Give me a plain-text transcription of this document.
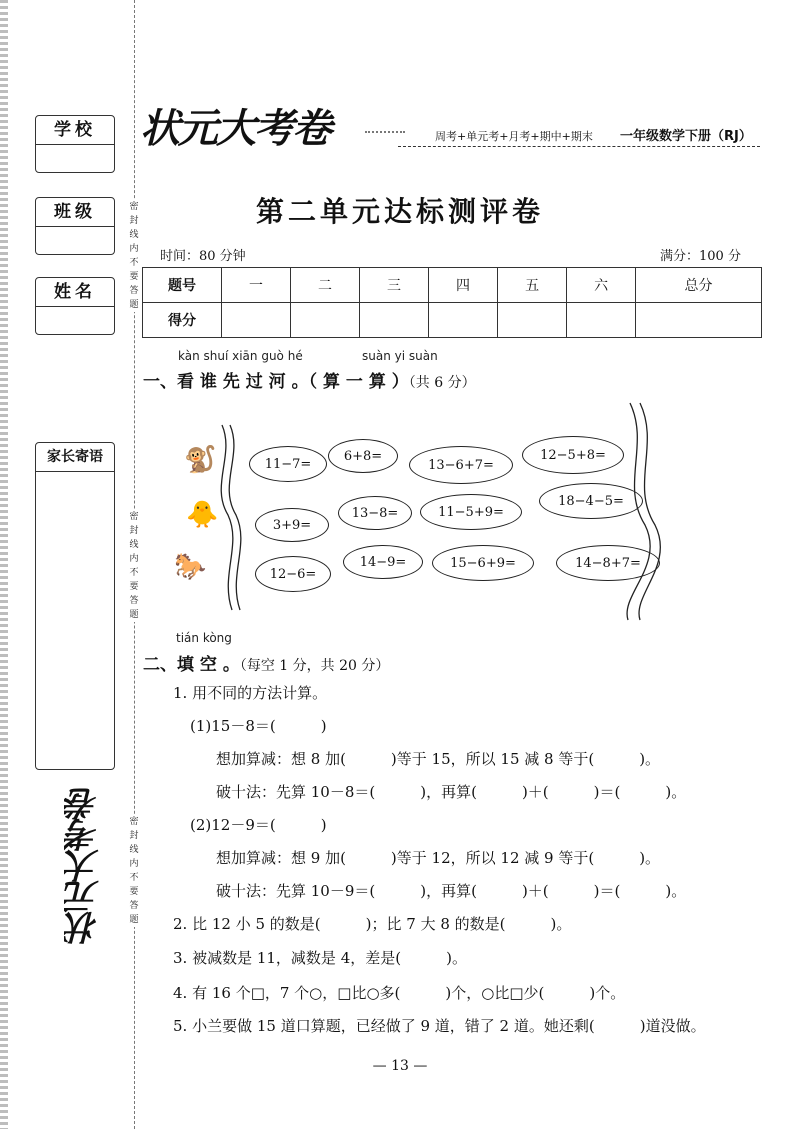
学校
班级
姓名
家长寄语
密封线内不要答题
密封线内不要答题
密封线内不要答题
状元大考卷
状元大考卷	周考+单元考+月考+期中+期末 一年级数学下册（RJ）
第二单元达标测评卷
时间：80 分钟	满分：100 分
题号	一	二	三	四	五	六	总分
得分							
kàn shuí xiān guò hé	suàn yi suàn
一、看 谁 先 过 河 。（ 算 一 算 ）（共 6 分）
🐒
🐥
🐎
11−7=
6+8=
13−6+7=
12−5+8=
3+9=
13−8=	11−5+9=
18−4−5=
12−6=
14−9=	15−6+9=	14−8+7=
tián kòng
二、填 空 。（每空 1 分，共 20 分）
1. 用不同的方法计算。
(1)15－8＝(　　　)
想加算减：想 8 加(　　　)等于 15，所以 15 减 8 等于(　　　)。
破十法：先算 10－8＝(　　　)，再算(　　　)＋(　　　)＝(　　　)。
(2)12－9＝(　　　)
想加算减：想 9 加(　　　)等于 12，所以 12 减 9 等于(　　　)。
破十法：先算 10－9＝(　　　)，再算(　　　)＋(　　　)＝(　　　)。
2. 比 12 小 5 的数是(　　　)；比 7 大 8 的数是(　　　)。
3. 被减数是 11，减数是 4，差是(　　　)。
4. 有 16 个□，7 个○，□比○多(　　　)个，○比□少(　　　)个。
5. 小兰要做 15 道口算题，已经做了 9 道，错了 2 道。她还剩(　　　)道没做。
— 13 —
